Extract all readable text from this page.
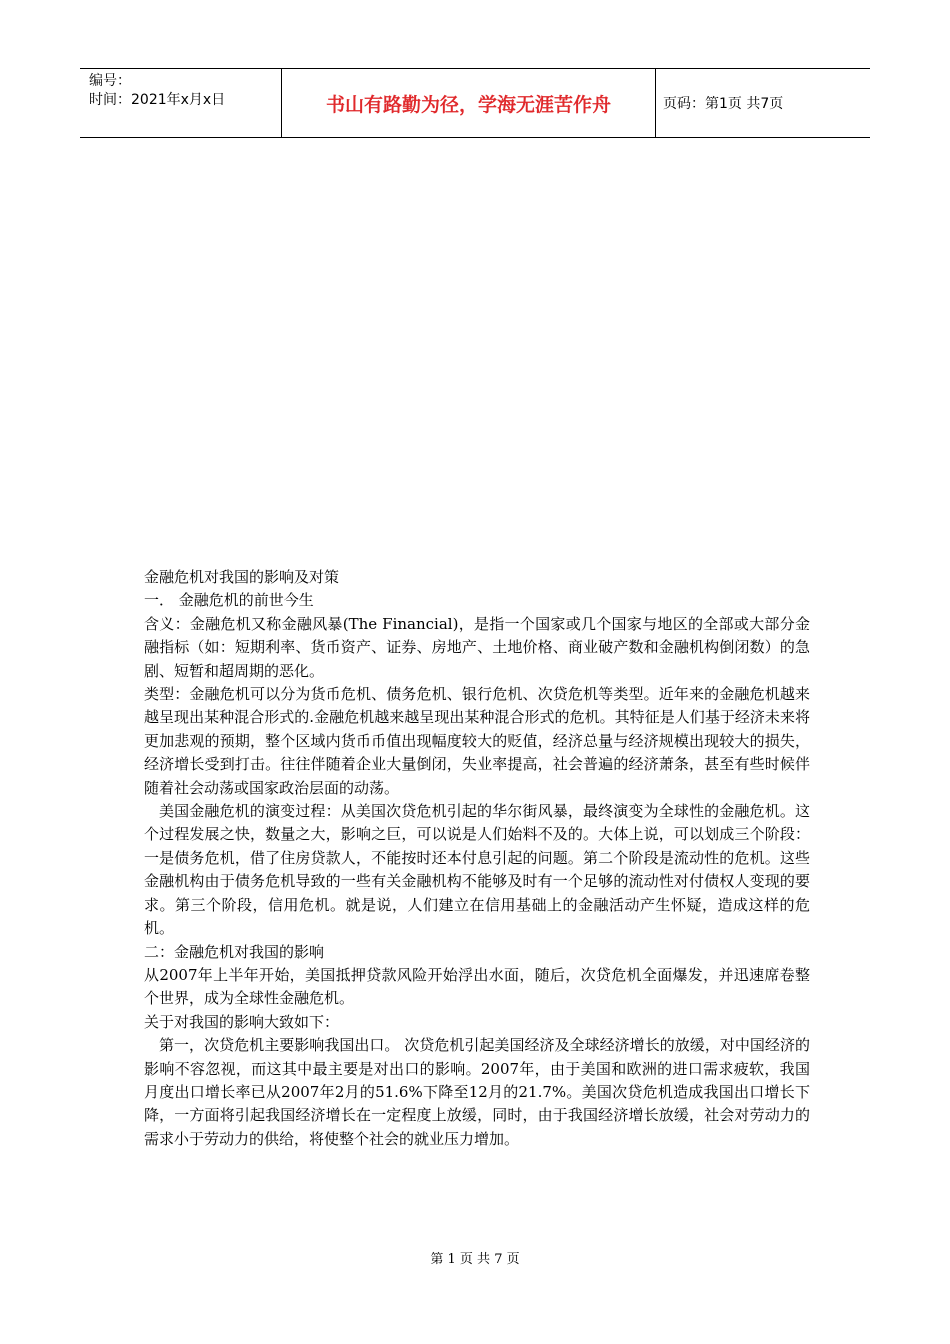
编号：
时间：2021年x月x日	书山有路勤为径，学海无涯苦作舟	页码：第1页 共7页

金融危机对我国的影响及对策

一． 金融危机的前世今生

含义：金融危机又称金融风暴(The Financial)，是指一个国家或几个国家与地区的全部或大部分金融指标（如：短期利率、货币资产、证券、房地产、土地价格、商业破产数和金融机构倒闭数）的急剧、短暂和超周期的恶化。

类型：金融危机可以分为货币危机、债务危机、银行危机、次贷危机等类型。近年来的金融危机越来越呈现出某种混合形式的.金融危机越来越呈现出某种混合形式的危机。其特征是人们基于经济未来将更加悲观的预期，整个区域内货币币值出现幅度较大的贬值，经济总量与经济规模出现较大的损失，经济增长受到打击。往往伴随着企业大量倒闭，失业率提高，社会普遍的经济萧条，甚至有些时候伴随着社会动荡或国家政治层面的动荡。

美国金融危机的演变过程：从美国次贷危机引起的华尔街风暴，最终演变为全球性的金融危机。这个过程发展之快，数量之大，影响之巨，可以说是人们始料不及的。大体上说，可以划成三个阶段：一是债务危机，借了住房贷款人，不能按时还本付息引起的问题。第二个阶段是流动性的危机。这些金融机构由于债务危机导致的一些有关金融机构不能够及时有一个足够的流动性对付债权人变现的要求。第三个阶段，信用危机。就是说，人们建立在信用基础上的金融活动产生怀疑，造成这样的危机。

二：金融危机对我国的影响

从2007年上半年开始，美国抵押贷款风险开始浮出水面，随后，次贷危机全面爆发，并迅速席卷整个世界，成为全球性金融危机。

关于对我国的影响大致如下：

第一，次贷危机主要影响我国出口。 次贷危机引起美国经济及全球经济增长的放缓，对中国经济的影响不容忽视，而这其中最主要是对出口的影响。2007年，由于美国和欧洲的进口需求疲软，我国月度出口增长率已从2007年2月的51.6%下降至12月的21.7%。美国次贷危机造成我国出口增长下降，一方面将引起我国经济增长在一定程度上放缓，同时，由于我国经济增长放缓，社会对劳动力的需求小于劳动力的供给，将使整个社会的就业压力增加。

第 1 页 共 7 页
